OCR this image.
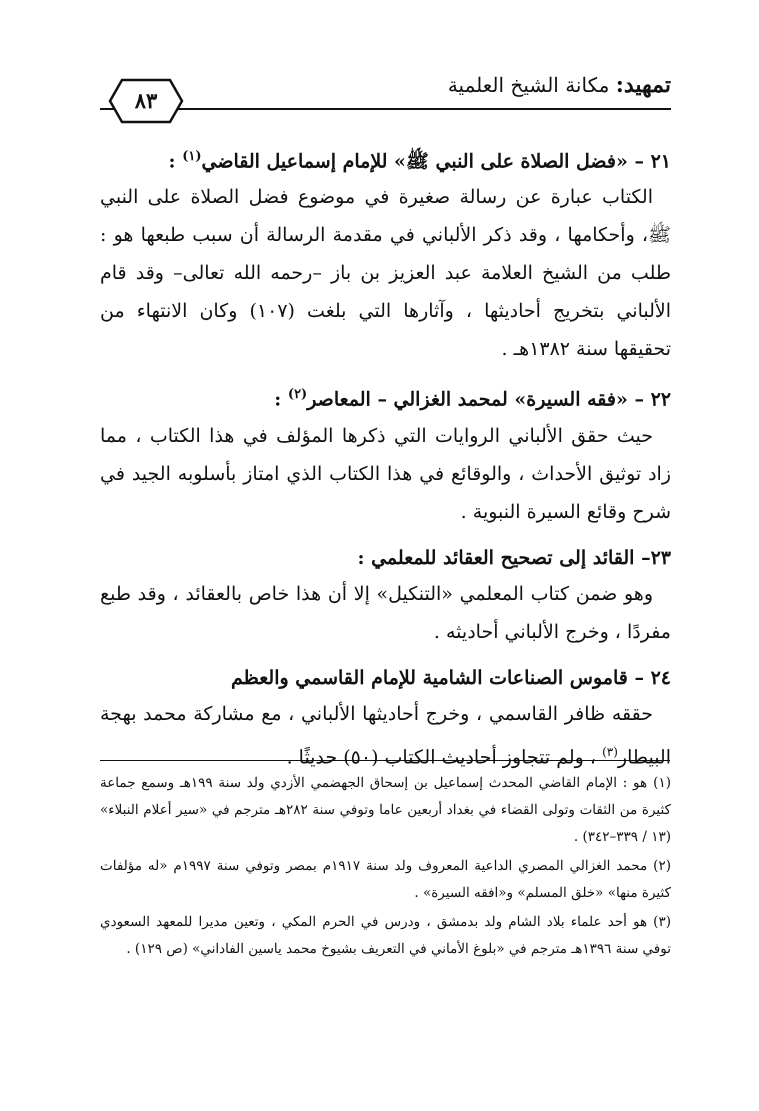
تمهيد: مكانة الشيخ العلمية
٨٣
٢١ – «فضل الصلاة على النبي ﷺ» للإمام إسماعيل القاضي$^{(١)}$ :
الكتاب عبارة عن رسالة صغيرة في موضوع فضل الصلاة على النبي ﷺ، وأحكامها ، وقد ذكر الألباني في مقدمة الرسالة أن سبب طبعها هو : طلب من الشيخ العلامة عبد العزيز بن باز –رحمه الله تعالى– وقد قام الألباني بتخريج أحاديثها ، وآثارها التي بلغت (١٠٧) وكان الانتهاء من تحقيقها سنة ١٣٨٢هـ .
٢٢ – «فقه السيرة» لمحمد الغزالي – المعاصر$^{(٢)}$ :
حيث حقق الألباني الروايات التي ذكرها المؤلف في هذا الكتاب ، مما زاد توثيق الأحداث ، والوقائع في هذا الكتاب الذي امتاز بأسلوبه الجيد في شرح وقائع السيرة النبوية .
٢٣– القائد إلى تصحيح العقائد للمعلمي :
وهو ضمن كتاب المعلمي «التنكيل» إلا أن هذا خاص بالعقائد ، وقد طبع مفردًا ، وخرج الألباني أحاديثه .
٢٤ – قاموس الصناعات الشامية للإمام القاسمي والعظم
حققه ظافر القاسمي ، وخرج أحاديثها الألباني ، مع مشاركة محمد بهجة البيطار$^{(٣)}$ ، ولم تتجاوز أحاديث الكتاب (٥٠) حديثًا .
(١)هو : الإمام القاضي المحدث إسماعيل بن إسحاق الجهضمي الأزدي ولد سنة ١٩٩هـ وسمع جماعة كثيرة من الثقات وتولى القضاء في بغداد أربعين عاما وتوفي سنة ٢٨٢هـ مترجم في «سير أعلام النبلاء» (١٣ / ٣٣٩–٣٤٢) .
(٢)محمد الغزالي المصري الداعية المعروف ولد سنة ١٩١٧م بمصر وتوفي سنة ١٩٩٧م «له مؤلفات كثيرة منها» «خلق المسلم» و«افقه السيرة» .
(٣)هو أحد علماء بلاد الشام ولد بدمشق ، ودرس في الحرم المكي ، وتعين مديرا للمعهد السعودي توفي سنة ١٣٩٦هـ مترجم في «بلوغ الأماني في التعريف بشيوخ محمد ياسين الفاداني» (ص ١٢٩) .
